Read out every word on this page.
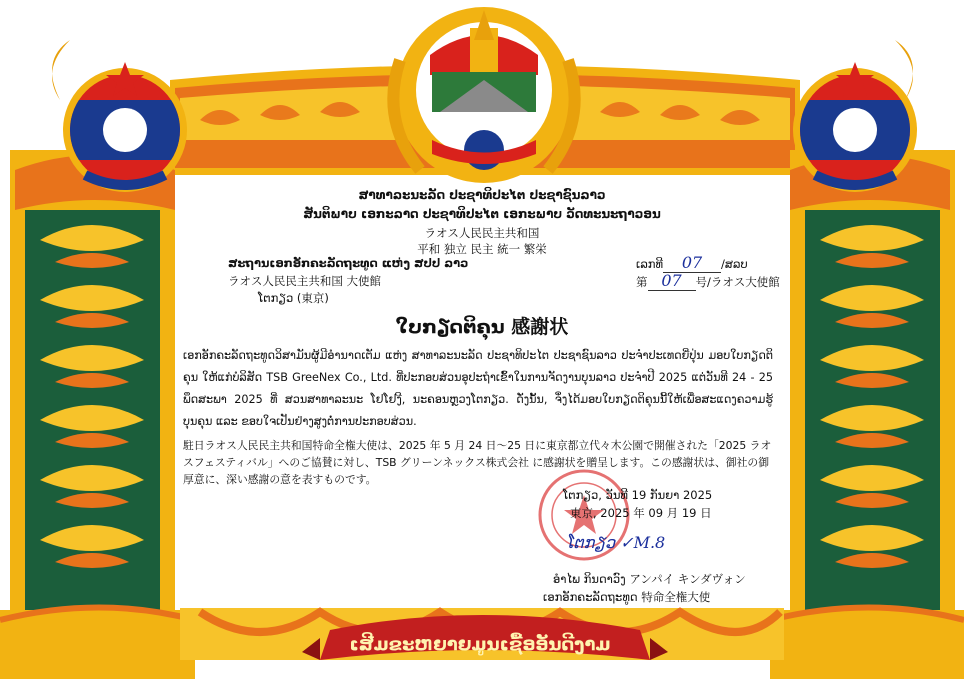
ເສີມຂະຫຍາຍມູນເຊື້ອອັນດີງາມ
ສາທາລະນະລັດ ປະຊາທິປະໄຕ ປະຊາຊົນລາວ
ສັນຕິພາບ ເອກະລາດ ປະຊາທິປະໄຕ ເອກະພາບ ວັດທະນະຖາວອນ
ラオス人民民主共和国
平和 独立 民主 統一 繁栄
ສະຖານເອກອັກຄະລັດຖະທູດ ແຫ່ງ ສປປ ລາວ
ラオス人民民主共和国 大使館
ໂຕກຽວ (東京)
ເລກທີ 07 /ສລບ
第 07 号/ラオス大使館
ໃບກຽດຕິຄຸນ 感謝状
ເອກອັກຄະລັດຖະທູດວິສາມັນຜູ້ມີອໍານາດເຕັມ ແຫ່ງ ສາທາລະນະລັດ ປະຊາທິປະໄຕ ປະຊາຊົນລາວ ປະຈໍາປະເທດຍີ່ປຸ່ນ ມອບໃບກຽດຕິຄຸນ ໃຫ້ແກ່ບໍລິສັດ TSB GreeNex Co., Ltd. ທີ່ປະກອບສ່ວນອຸປະຖໍາເຂົ້າໃນການຈັດງານບຸນລາວ ປະຈໍາປີ 2025 ແຕ່ວັນທີ 24 - 25 ພຶດສະພາ 2025 ທີ່ ສວນສາທາລະນະ ໂຢໂຢງີ, ນະຄອນຫຼວງໂຕກຽວ. ດັ່ງນັ້ນ, ຈຶ່ງໄດ້ມອບໃບກຽດຕິຄຸນນີ້ໃຫ້ເພື່ອສະແດງຄວາມຮູ້ບຸນຄຸນ ແລະ ຂອບໃຈເປັນຢ່າງສູງຕໍ່ການປະກອບສ່ວນ.
駐日ラオス人民民主共和国特命全権大使は、2025 年 5 月 24 日～25 日に東京都立代々木公園で開催された「2025 ラオスフェスティバル」へのご協賛に対し、TSB グリーンネックス株式会社 に感謝状を贈呈します。この感謝状は、御社の御厚意に、深い感謝の意を表すものです。
ໂຕກຽວ, ວັນທີ 19 ກັນຍາ 2025
東京, 2025 年 09 月 19 日
ໂຕກຽວ ✓M.8
ອໍາໄພ ກິນດາວົງ アンパイ キンダヴォン
ເອກອັກຄະລັດຖະທູດ 特命全権大使
